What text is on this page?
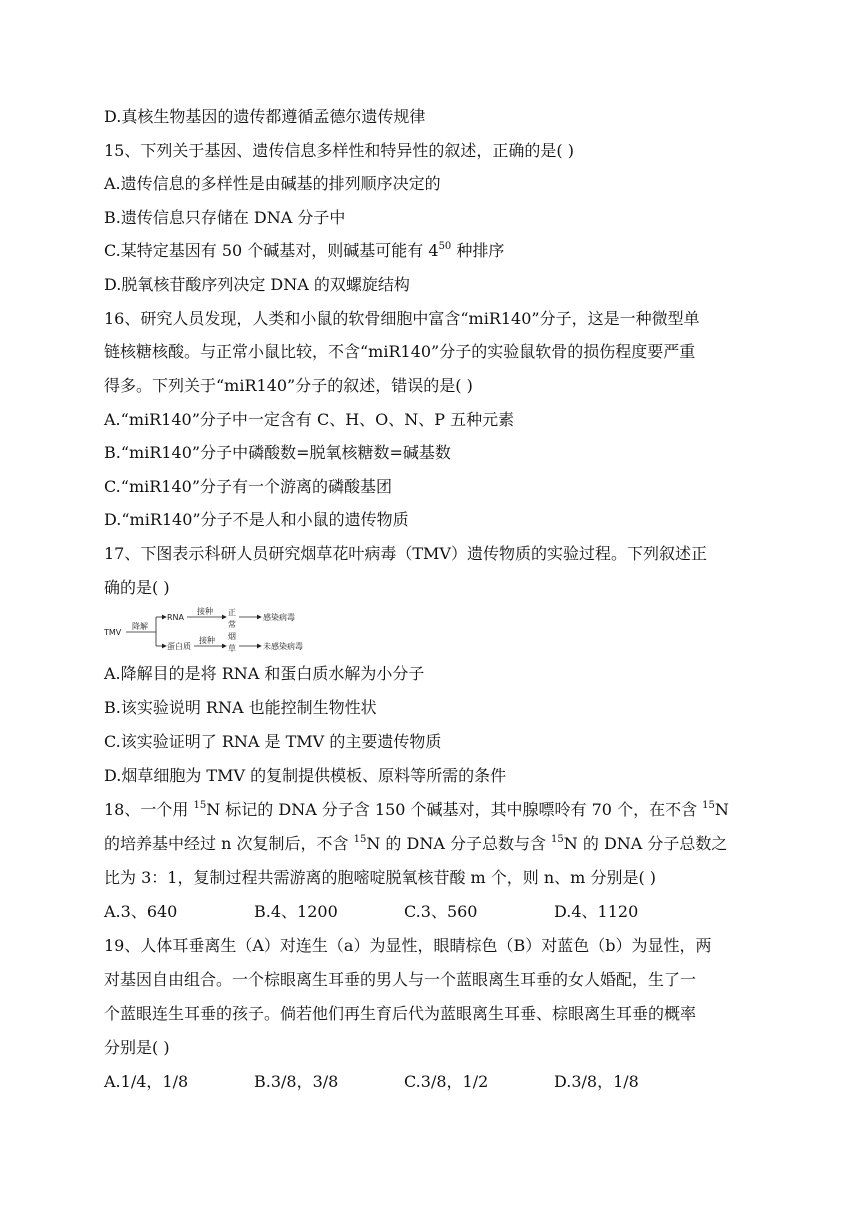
D.真核生物基因的遗传都遵循孟德尔遗传规律
15、下列关于基因、遗传信息多样性和特异性的叙述，正确的是( )
A.遗传信息的多样性是由碱基的排列顺序决定的
B.遗传信息只存储在 DNA 分子中
C.某特定基因有 50 个碱基对，则碱基可能有 $4^{50}$ 种排序
D.脱氧核苷酸序列决定 DNA 的双螺旋结构
16、研究人员发现，人类和小鼠的软骨细胞中富含“miR140”分子，这是一种微型单
链核糖核酸。与正常小鼠比较，不含“miR140”分子的实验鼠软骨的损伤程度要严重
得多。下列关于“miR140”分子的叙述，错误的是( )
A.“miR140”分子中一定含有 C、H、O、N、P 五种元素
B.“miR140”分子中磷酸数=脱氧核糖数=碱基数
C.“miR140”分子有一个游离的磷酸基团
D.“miR140”分子不是人和小鼠的遗传物质
17、下图表示科研人员研究烟草花叶病毒（TMV）遗传物质的实验过程。下列叙述正
确的是( )
TMV
降解
RNA
蛋白质
接种
接种
正
常
烟
草
感染病毒
未感染病毒
A.降解目的是将 RNA 和蛋白质水解为小分子
B.该实验说明 RNA 也能控制生物性状
C.该实验证明了 RNA 是 TMV 的主要遗传物质
D.烟草细胞为 TMV 的复制提供模板、原料等所需的条件
18、一个用 $^{15}$N 标记的 DNA 分子含 150 个碱基对，其中腺嘌呤有 70 个，在不含 $^{15}$N
的培养基中经过 n 次复制后，不含 $^{15}$N 的 DNA 分子总数与含 $^{15}$N 的 DNA 分子总数之
比为 3：1，复制过程共需游离的胞嘧啶脱氧核苷酸 m 个，则 n、m 分别是( )
A.3、640	B.4、1200	C.3、560	D.4、1120
19、人体耳垂离生（A）对连生（a）为显性，眼睛棕色（B）对蓝色（b）为显性，两
对基因自由组合。一个棕眼离生耳垂的男人与一个蓝眼离生耳垂的女人婚配，生了一
个蓝眼连生耳垂的孩子。倘若他们再生育后代为蓝眼离生耳垂、棕眼离生耳垂的概率
分别是( )
A.1/4，1/8	B.3/8，3/8	C.3/8，1/2	D.3/8，1/8
